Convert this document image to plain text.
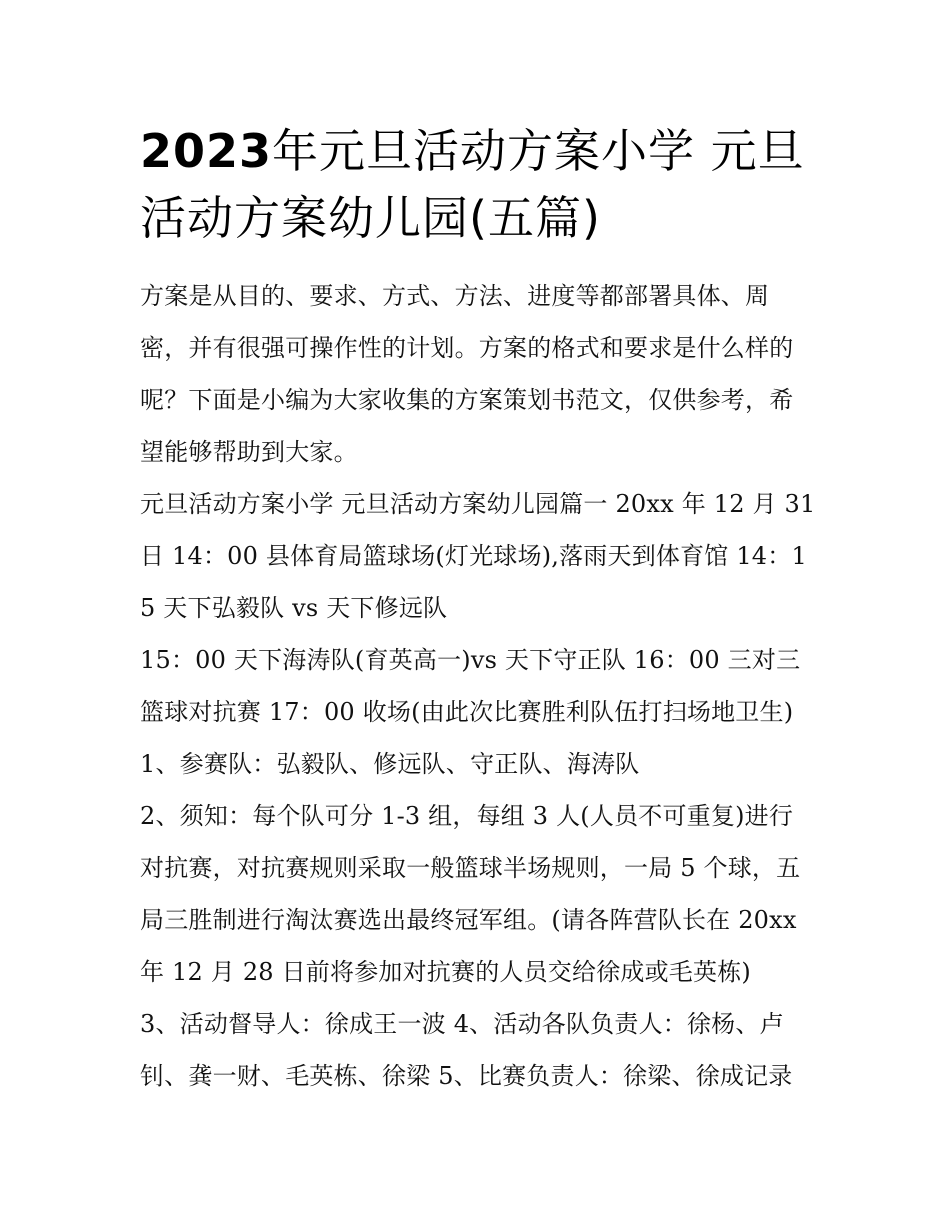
2023年元旦活动方案小学 元旦活动方案幼儿园(五篇)

方案是从目的、要求、方式、方法、进度等都部署具体、周密，并有很强可操作性的计划。方案的格式和要求是什么样的呢？下面是小编为大家收集的方案策划书范文，仅供参考，希望能够帮助到大家。

元旦活动方案小学 元旦活动方案幼儿园篇一 20xx 年 12 月 31 日 14：00 县体育局篮球场(灯光球场),落雨天到体育馆 14：15 天下弘毅队 vs 天下修远队

15：00 天下海涛队(育英高一)vs 天下守正队 16：00 三对三篮球对抗赛 17：00 收场(由此次比赛胜利队伍打扫场地卫生)

1、参赛队：弘毅队、修远队、守正队、海涛队

2、须知：每个队可分 1-3 组，每组 3 人(人员不可重复)进行对抗赛，对抗赛规则采取一般篮球半场规则，一局 5 个球，五局三胜制进行淘汰赛选出最终冠军组。(请各阵营队长在 20xx 年 12 月 28 日前将参加对抗赛的人员交给徐成或毛英栋)

3、活动督导人：徐成王一波 4、活动各队负责人：徐杨、卢钊、龚一财、毛英栋、徐梁 5、比赛负责人：徐梁、徐成记录
